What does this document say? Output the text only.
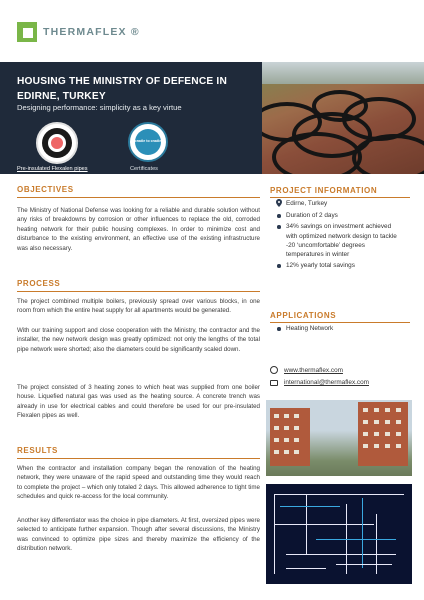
THERMAFLEX ®
HOUSING THE MINISTRY OF DEFENCE IN EDIRNE, TURKEY
Designing performance: simplicity as a key virtue
Pre-insulated Flexalen pipes
cradle to cradle
Certificates
OBJECTIVES
The Ministry of National Defense was looking for a reliable and durable solution without any risks of breakdowns by corrosion or other influences to replace the old, corroded heating network for their public housing complexes. In order to minimize cost and disturbance to the existing environment, an effective use of the existing infrastructure was also necessary.
PROCESS
The project combined multiple boilers, previously spread over various blocks, in one room from which the entire heat supply for all apartments would be generated.
With our training support and close cooperation with the Ministry, the contractor and the installer, the new network design was greatly optimized: not only the lengths of the total pipe network were shorted; also the diameters could be significantly scaled down.
The project consisted of 3 heating zones to which heat was supplied from one boiler house. Liquefied natural gas was used as the heating source. A concrete trench was already in use for electrical cables and could therefore be used for our pre-insulated Flexalen pipes as well.
RESULTS
When the contractor and installation company began the renovation of the heating network, they were unaware of the rapid speed and outstanding time they would reach to complete the project – which only totaled 2 days. This allowed adherence to tight time schedules and quick re-access for the local community.
Another key differentiator was the choice in pipe diameters. At first, oversized pipes were selected to anticipate further expansion. Though after several discussions, the Ministry was convinced to optimize pipe sizes and thereby maximize the efficiency of the distribution network.
PROJECT INFORMATION
Edirne, Turkey
Duration of 2 days
34% savings on investment achieved with optimized network design to tackle -20 ‘uncomfortable’ degrees temperatures in winter
12% yearly total savings
APPLICATIONS
Heating Network
www.thermaflex.com
international@thermaflex.com
